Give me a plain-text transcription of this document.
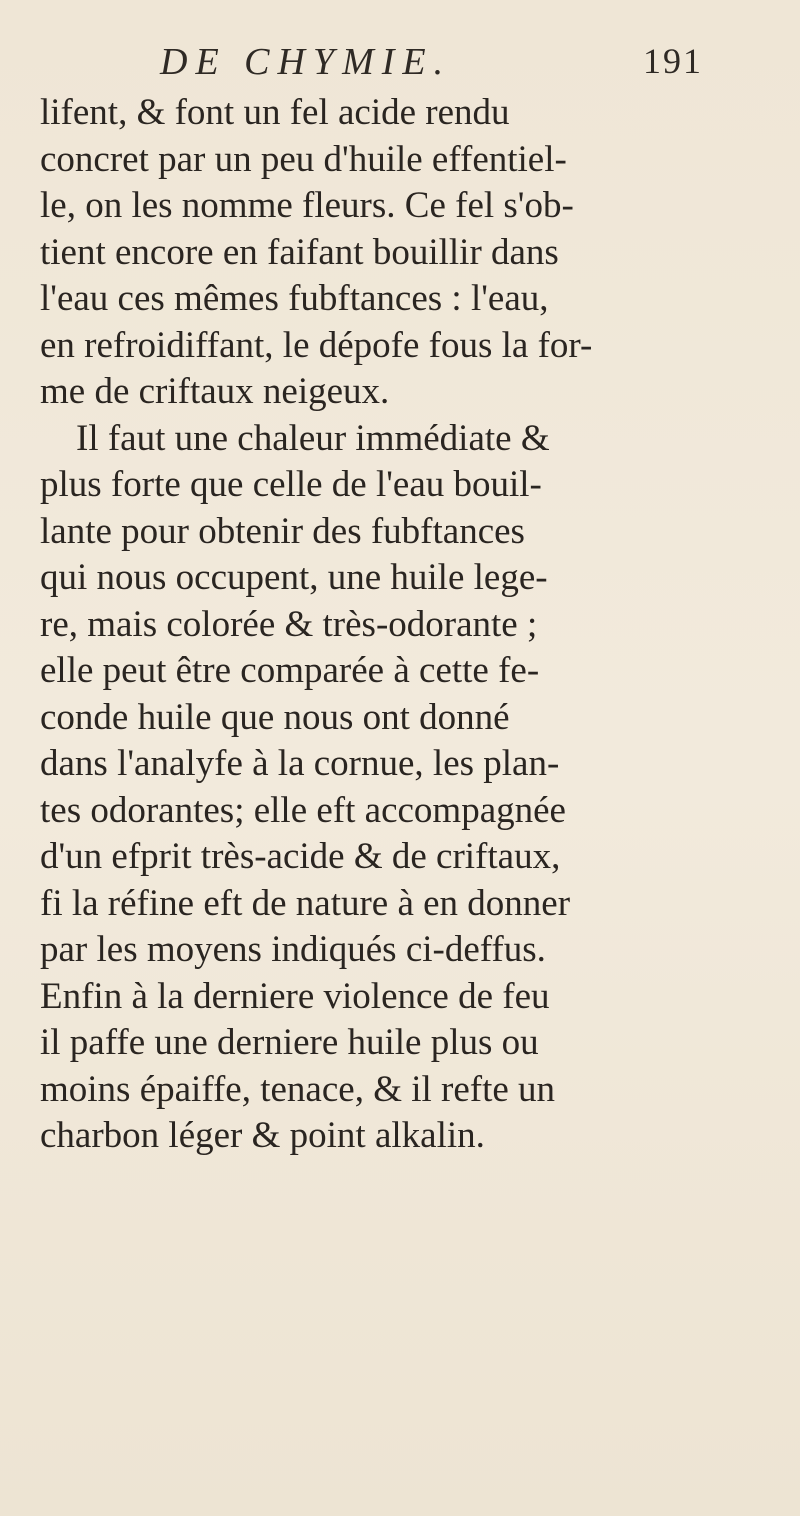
DE CHYMIE.	191
lifent, & font un fel acide rendu
concret par un peu d'huile effentiel-
le, on les nomme fleurs. Ce fel s'ob-
tient encore en faifant bouillir dans
l'eau ces mêmes fubftances : l'eau,
en refroidiffant, le dépofe fous la for-
me de criftaux neigeux.
Il faut une chaleur immédiate &
plus forte que celle de l'eau bouil-
lante pour obtenir des fubftances
qui nous occupent, une huile lege-
re, mais colorée & très-odorante ;
elle peut être comparée à cette fe-
conde huile que nous ont donné
dans l'analyfe à la cornue, les plan-
tes odorantes; elle eft accompagnée
d'un efprit très-acide & de criftaux,
fi la réfine eft de nature à en donner
par les moyens indiqués ci-deffus.
Enfin à la derniere violence de feu
il paffe une derniere huile plus ou
moins épaiffe, tenace, & il refte un
charbon léger & point alkalin.
